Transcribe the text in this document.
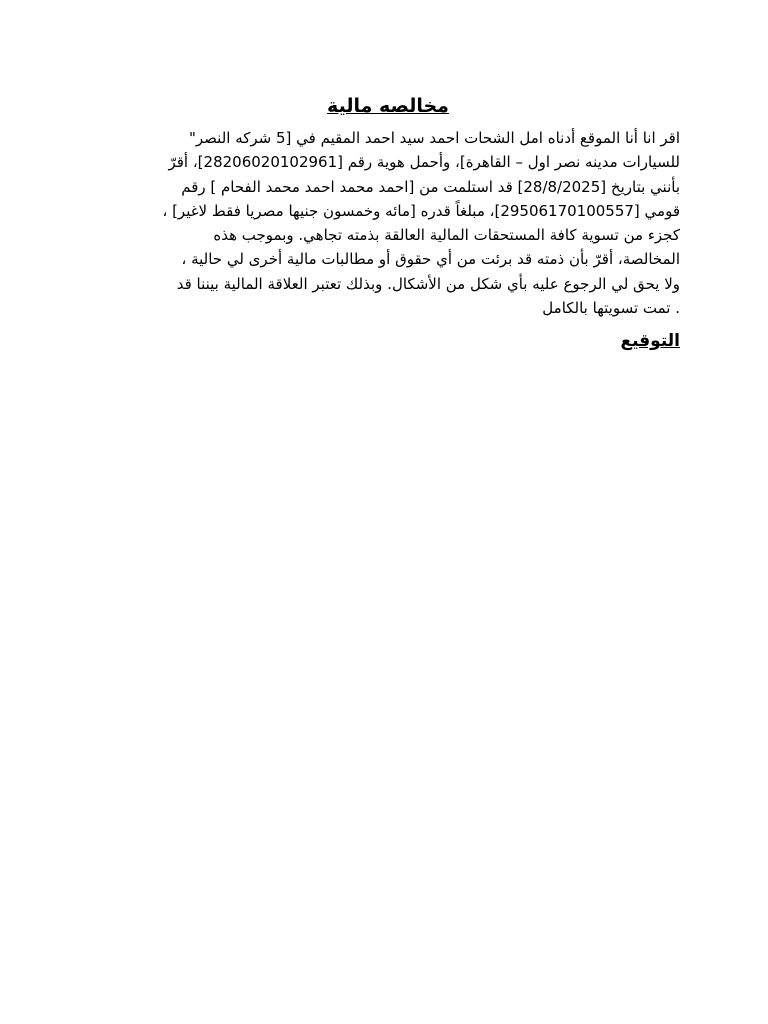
مخالصه مالية

اقر انا أنا الموقع أدناه امل الشحات احمد سيد احمد المقيم في [5 شركه النصر"
للسيارات مدينه نصر اول – القاهرة]، وأحمل هوية رقم [28206020102961]، أقرّ
بأنني بتاريخ [28/8/2025] قد استلمت من [احمد محمد احمد محمد الفحام ] رقم
قومي [29506170100557]، مبلغاً قدره [مائه وخمسون جنيها مصريا فقط لاغير] ،
كجزء من تسوية كافة المستحقات المالية العالقة بذمته تجاهي. وبموجب هذه
المخالصة، أقرّ بأن ذمته قد برئت من أي حقوق أو مطالبات مالية أخرى لي حالية ،
ولا يحق لي الرجوع عليه بأي شكل من الأشكال. وبذلك تعتبر العلاقة المالية بيننا قد
. تمت تسويتها بالكامل

التوقيع
